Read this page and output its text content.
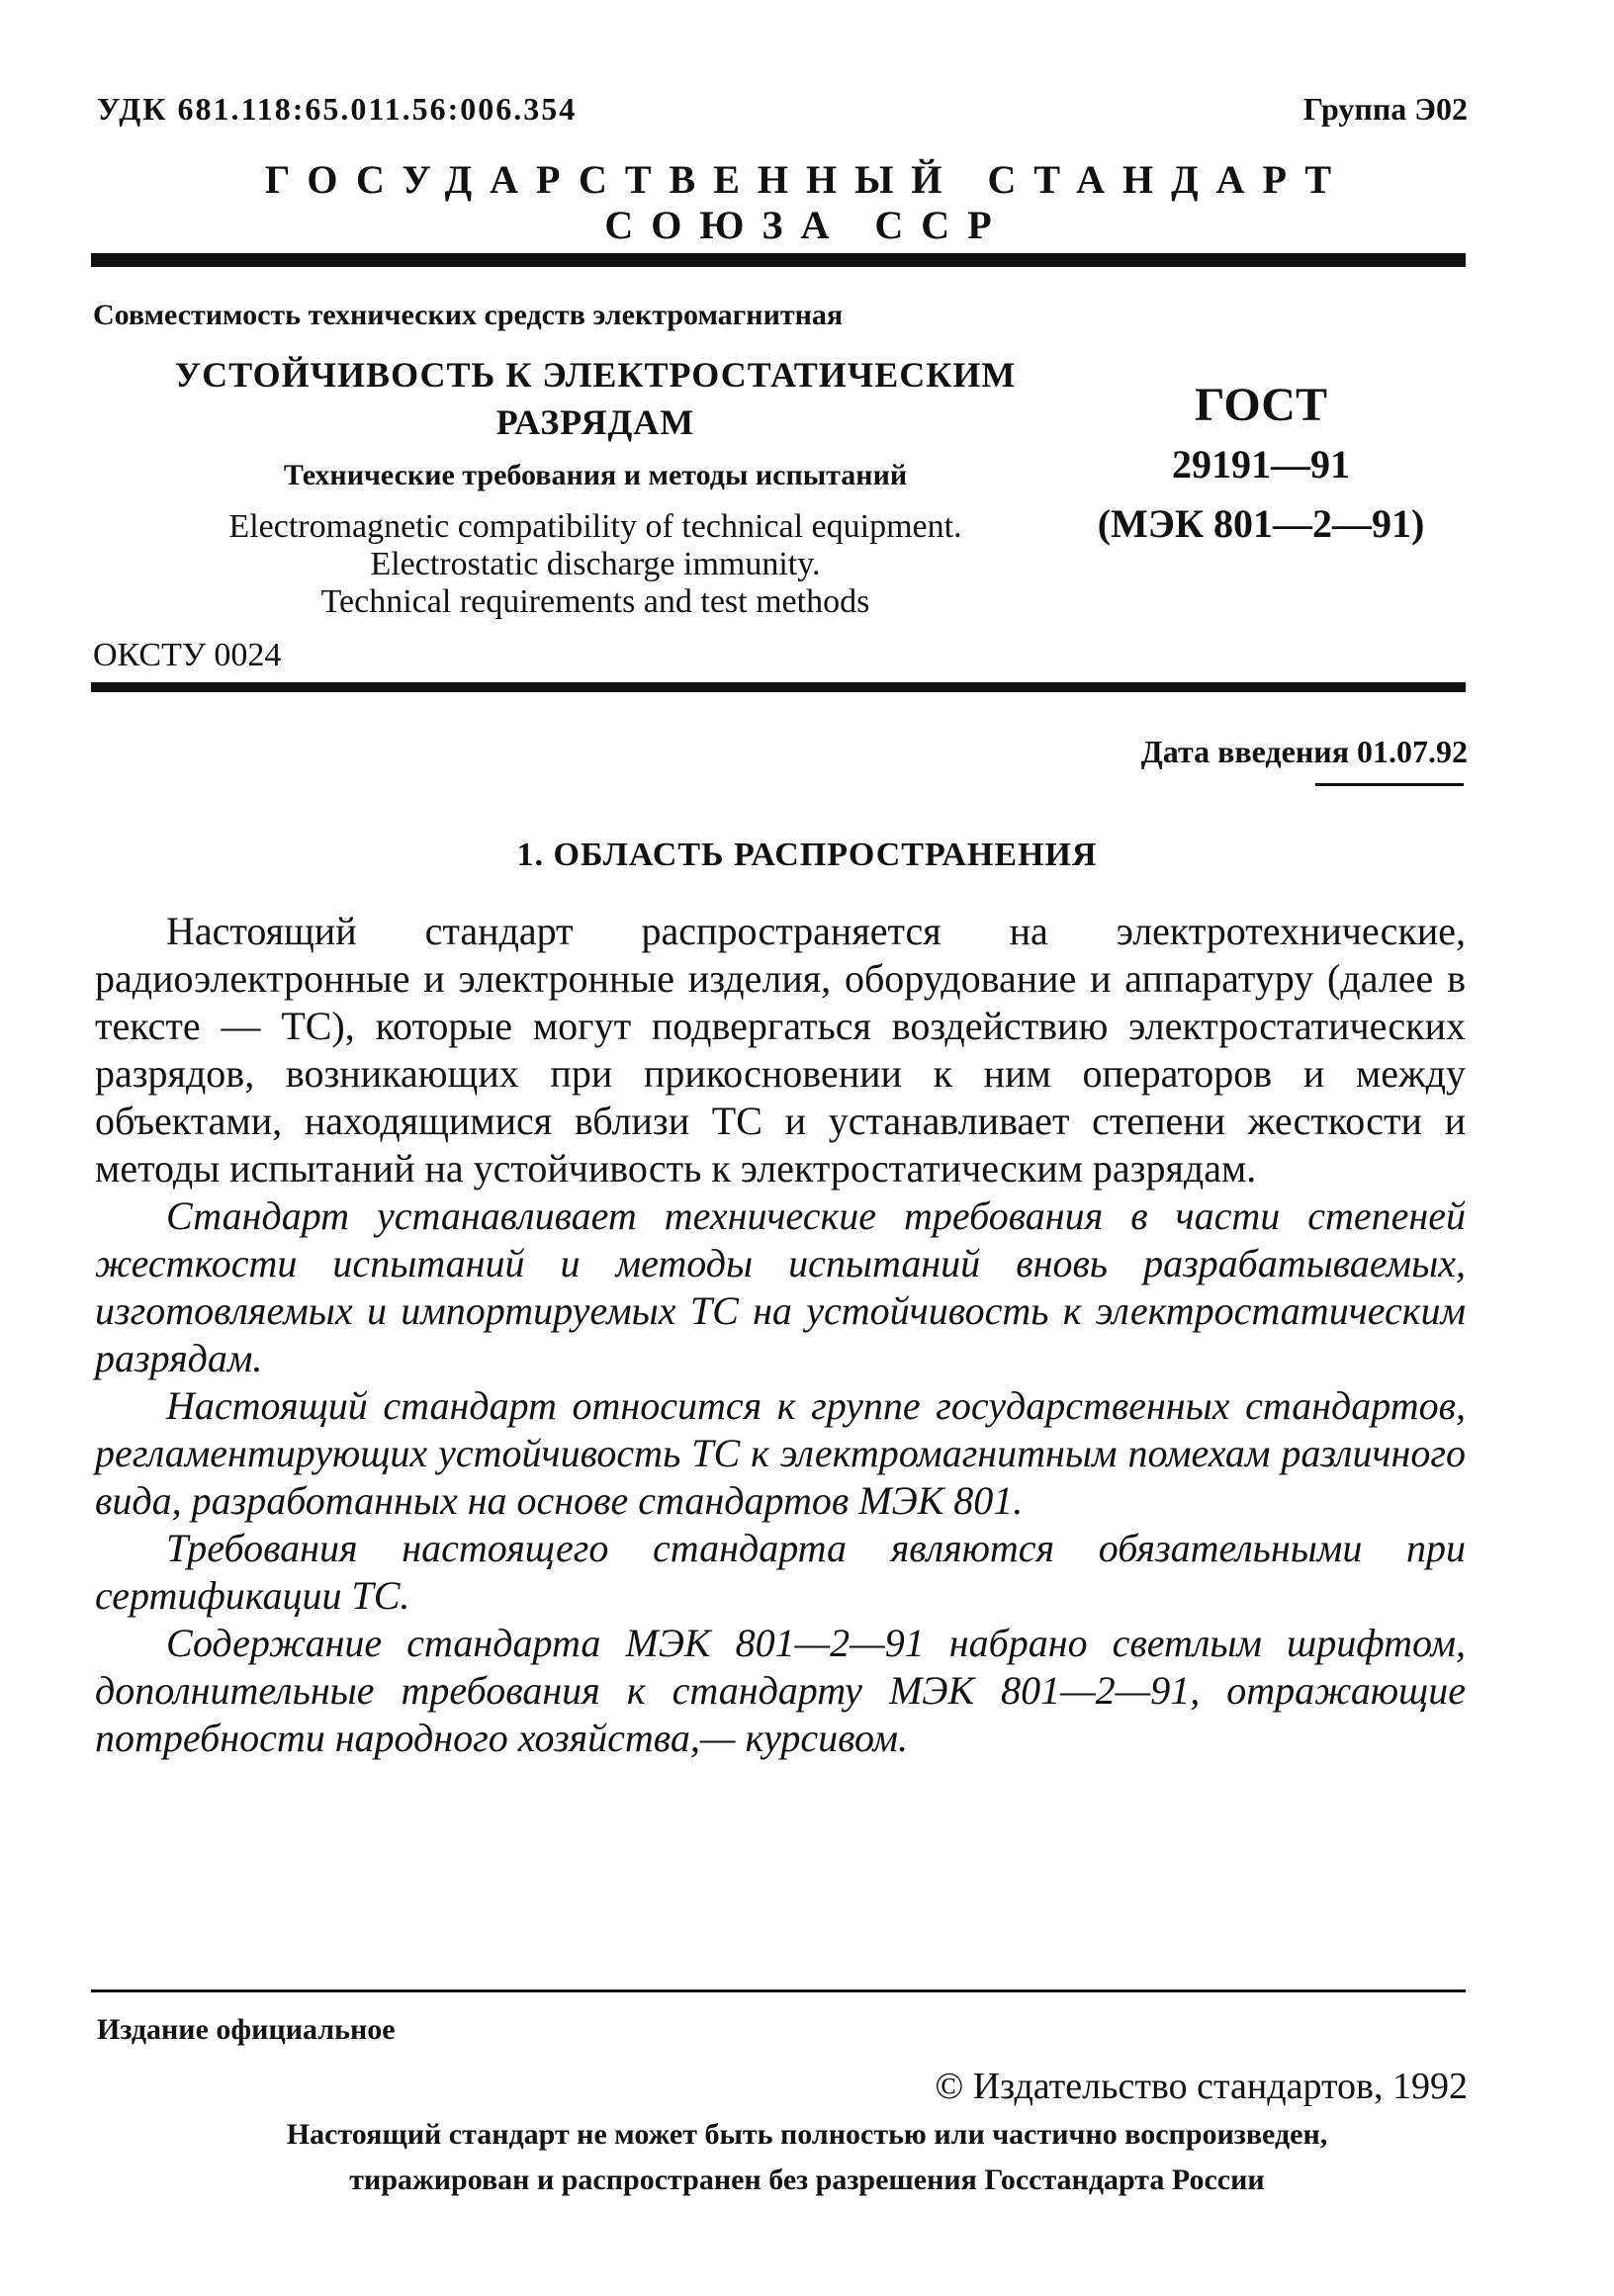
УДК 681.118:65.011.56:006.354	Группа Э02
ГОСУДАРСТВЕННЫЙ СТАНДАРТ
СОЮЗА ССР
Совместимость технических средств электромагнитная
УСТОЙЧИВОСТЬ К ЭЛЕКТРОСТАТИЧЕСКИМ
РАЗРЯДАМ
Технические требования и методы испытаний
Electromagnetic compatibility of technical equipment.
Electrostatic discharge immunity.
Technical requirements and test methods
ОКСТУ 0024
ГОСТ
29191—91
(МЭК 801—2—91)
Дата введения 01.07.92
1. ОБЛАСТЬ РАСПРОСТРАНЕНИЯ

Настоящий стандарт распространяется на электротехнические, радиоэлектронные и электронные изделия, оборудование и аппаратуру (далее в тексте — ТС), которые могут подвергаться воздействию электростатических разрядов, возникающих при прикосновении к ним операторов и между объектами, находящимися вблизи ТС и устанавливает степени жесткости и методы испытаний на устойчивость к электростатическим разрядам.

Стандарт устанавливает технические требования в части степеней жесткости испытаний и методы испытаний вновь разрабатываемых, изготовляемых и импортируемых ТС на устойчивость к электростатическим разрядам.

Настоящий стандарт относится к группе государственных стандартов, регламентирующих устойчивость ТС к электромагнитным помехам различного вида, разработанных на основе стандартов МЭК 801.

Требования настоящего стандарта являются обязательными при сертификации ТС.

Содержание стандарта МЭК 801—2—91 набрано светлым шрифтом, дополнительные требования к стандарту МЭК 801—2—91, отражающие потребности народного хозяйства,— курсивом.

Издание официальное
© Издательство стандартов, 1992
Настоящий стандарт не может быть полностью или частично воспроизведен,
тиражирован и распространен без разрешения Госстандарта России
